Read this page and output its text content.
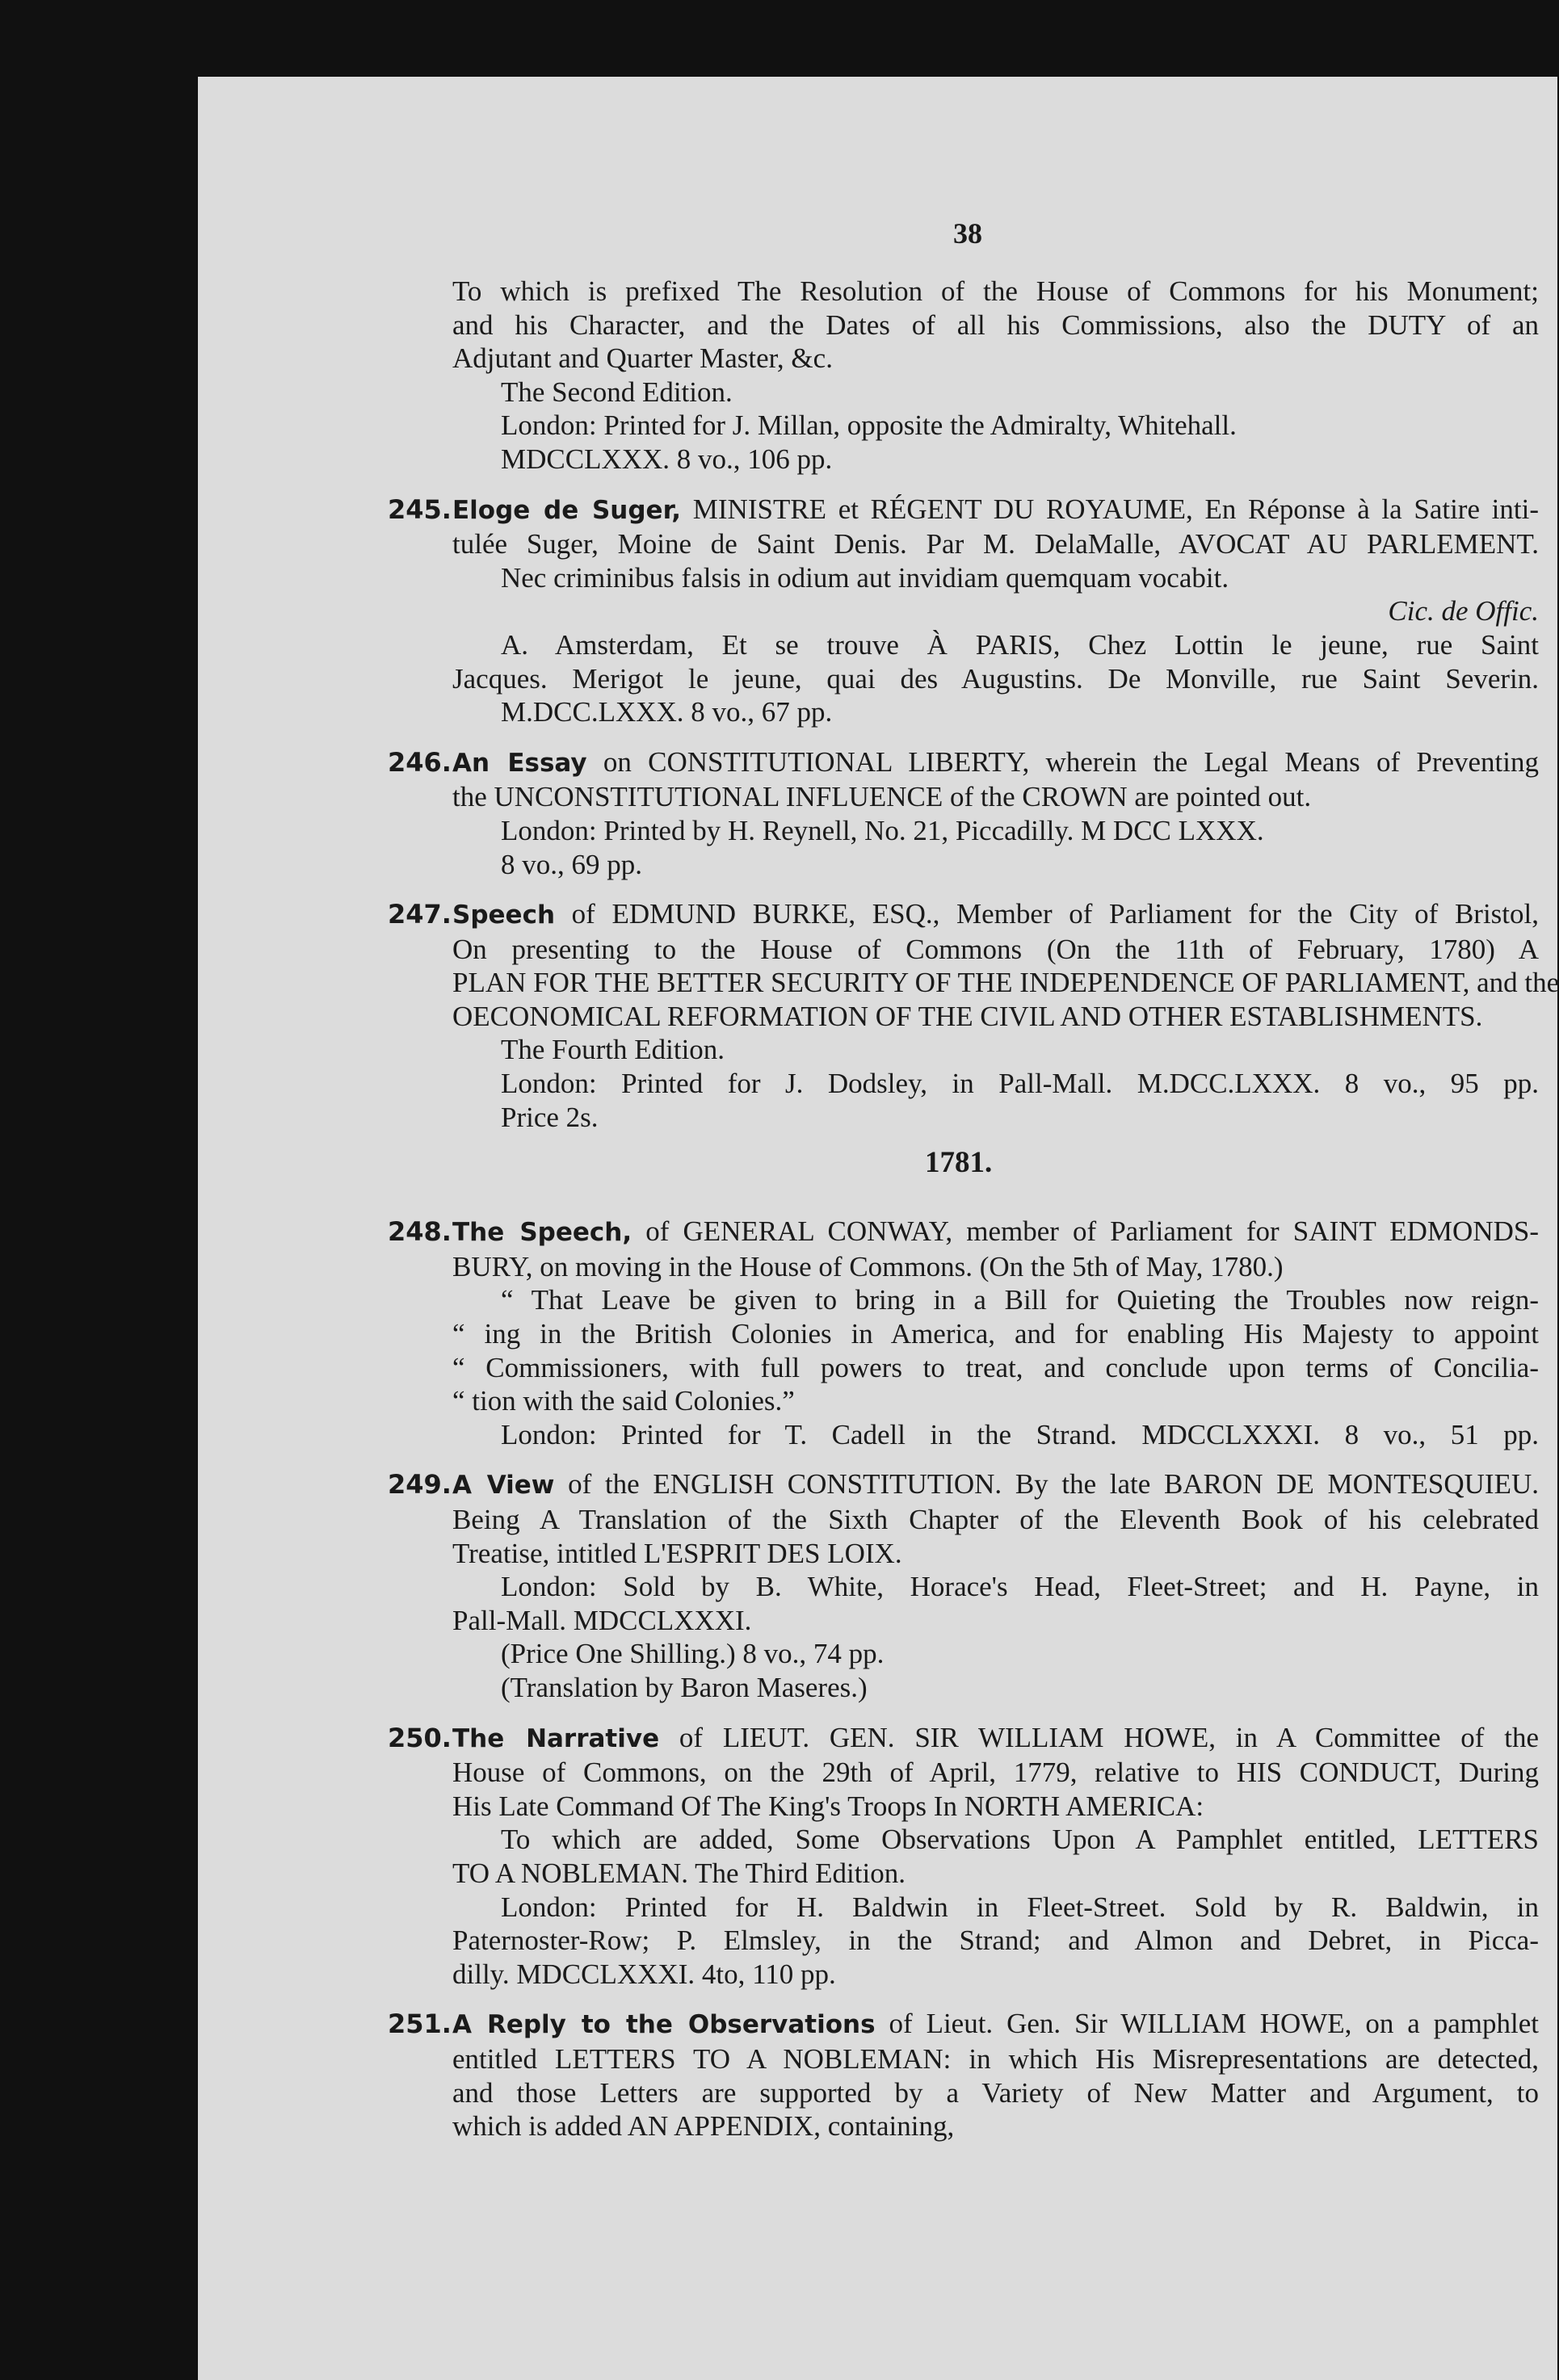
38
1781.
To which is prefixed The Resolution of the House of Commons for his Monument;
and his Character, and the Dates of all his Commissions, also the DUTY of an
Adjutant and Quarter Master, &c.
The Second Edition.
London: Printed for J. Millan, opposite the Admiralty, Whitehall.
MDCCLXXX. 8 vo., 106 pp.
245.Eloge de Suger, MINISTRE et RÉGENT DU ROYAUME, En Réponse à la Satire inti-
tulée Suger, Moine de Saint Denis. Par M. DelaMalle, AVOCAT AU PARLEMENT.
Nec criminibus falsis in odium aut invidiam quemquam vocabit.
Cic. de Offic.
A. Amsterdam, Et se trouve À PARIS, Chez Lottin le jeune, rue Saint
Jacques. Merigot le jeune, quai des Augustins. De Monville, rue Saint Severin.
M.DCC.LXXX. 8 vo., 67 pp.
246.An Essay on CONSTITUTIONAL LIBERTY, wherein the Legal Means of Preventing
the UNCONSTITUTIONAL INFLUENCE of the CROWN are pointed out.
London: Printed by H. Reynell, No. 21, Piccadilly. M DCC LXXX.
8 vo., 69 pp.
247.Speech of EDMUND BURKE, ESQ., Member of Parliament for the City of Bristol,
On presenting to the House of Commons (On the 11th of February, 1780) A
PLAN FOR THE BETTER SECURITY OF THE INDEPENDENCE OF PARLIAMENT, and the
OECONOMICAL REFORMATION OF THE CIVIL AND OTHER ESTABLISHMENTS.
The Fourth Edition.
London: Printed for J. Dodsley, in Pall-Mall. M.DCC.LXXX. 8 vo., 95 pp.
Price 2s.
248.The Speech, of GENERAL CONWAY, member of Parliament for SAINT EDMONDS-
BURY, on moving in the House of Commons. (On the 5th of May, 1780.)
“ That Leave be given to bring in a Bill for Quieting the Troubles now reign-
“ ing in the British Colonies in America, and for enabling His Majesty to appoint
“ Commissioners, with full powers to treat, and conclude upon terms of Concilia-
“ tion with the said Colonies.”
London: Printed for T. Cadell in the Strand. MDCCLXXXI. 8 vo., 51 pp.
249.A View of the ENGLISH CONSTITUTION. By the late BARON DE MONTESQUIEU.
Being A Translation of the Sixth Chapter of the Eleventh Book of his celebrated
Treatise, intitled L'ESPRIT DES LOIX.
London: Sold by B. White, Horace's Head, Fleet-Street; and H. Payne, in
Pall-Mall. MDCCLXXXI.
(Price One Shilling.) 8 vo., 74 pp.
(Translation by Baron Maseres.)
250.The Narrative of LIEUT. GEN. SIR WILLIAM HOWE, in A Committee of the
House of Commons, on the 29th of April, 1779, relative to HIS CONDUCT, During
His Late Command Of The King's Troops In NORTH AMERICA:
To which are added, Some Observations Upon A Pamphlet entitled, LETTERS
TO A NOBLEMAN. The Third Edition.
London: Printed for H. Baldwin in Fleet-Street. Sold by R. Baldwin, in
Paternoster-Row; P. Elmsley, in the Strand; and Almon and Debret, in Picca-
dilly. MDCCLXXXI. 4to, 110 pp.
251.A Reply to the Observations of Lieut. Gen. Sir WILLIAM HOWE, on a pamphlet
entitled LETTERS TO A NOBLEMAN: in which His Misrepresentations are detected,
and those Letters are supported by a Variety of New Matter and Argument, to
which is added AN APPENDIX, containing,
